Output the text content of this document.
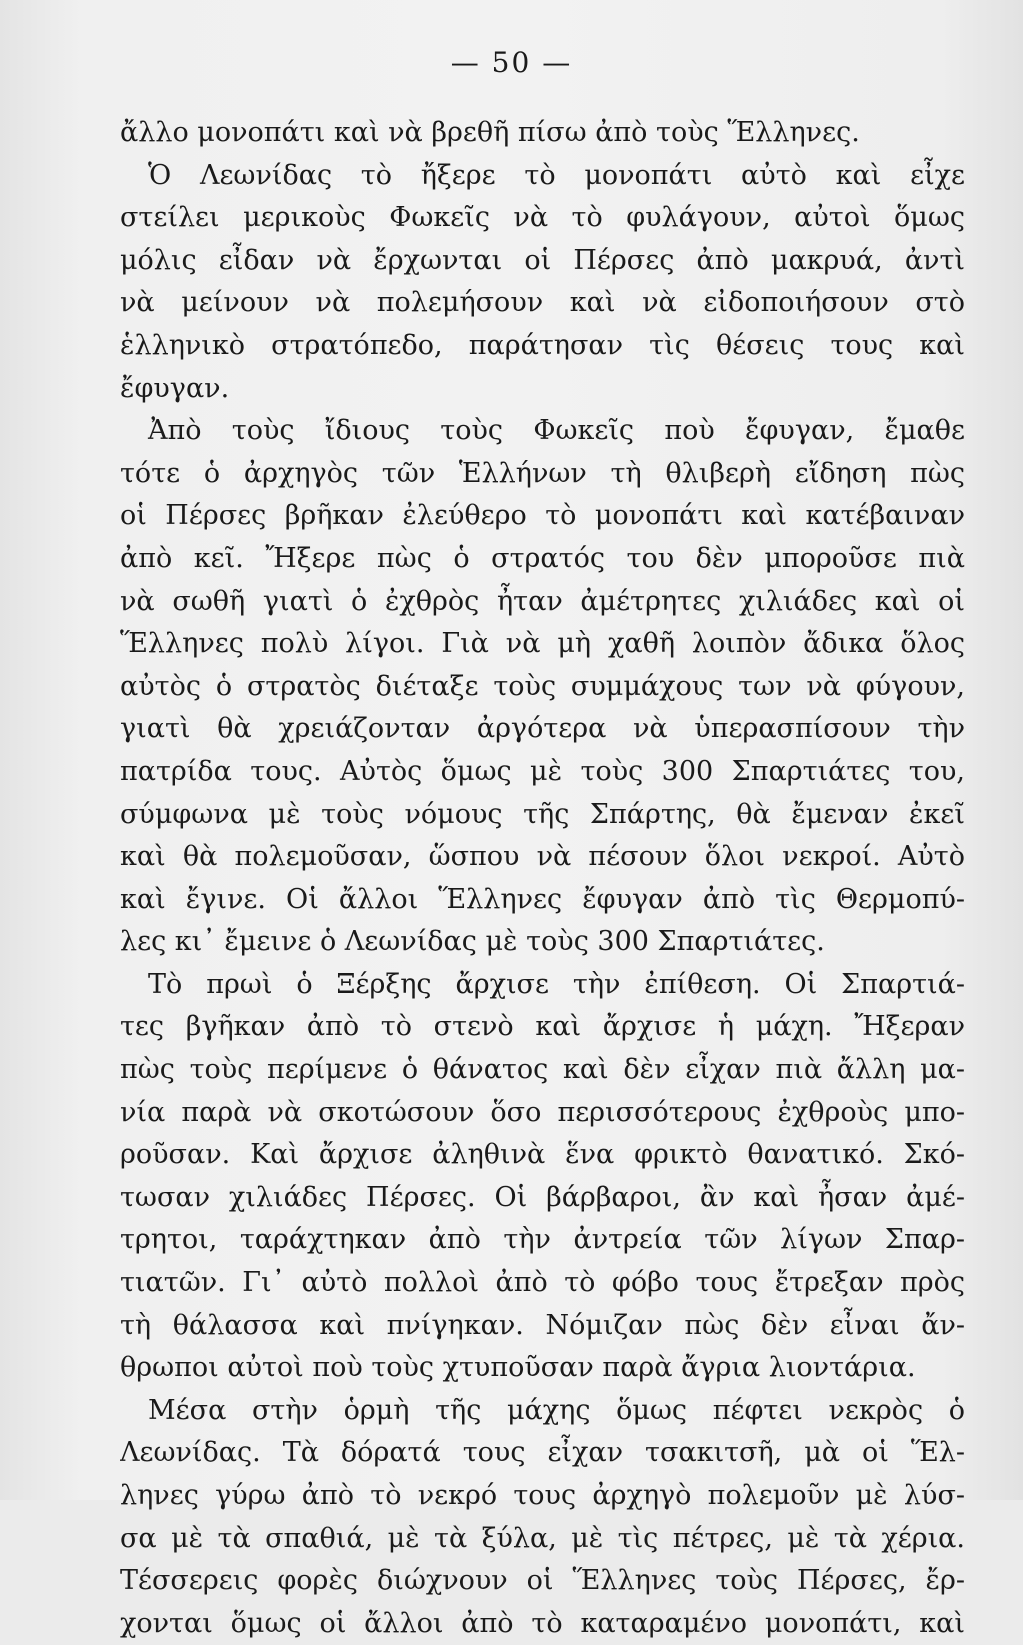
— 50 —
ἄλλο μονοπάτι καὶ νὰ βρεθῆ πίσω ἀπὸ τοὺς Ἕλληνες.
Ὁ Λεωνίδας τὸ ἤξερε τὸ μονοπάτι αὐτὸ καὶ εἶχε
στείλει μερικοὺς Φωκεῖς νὰ τὸ φυλάγουν, αὐτοὶ ὅμως
μόλις εἶδαν νὰ ἔρχωνται οἱ Πέρσες ἀπὸ μακρυά, ἀντὶ
νὰ μείνουν νὰ πολεμήσουν καὶ νὰ εἰδοποιήσουν στὸ
ἑλληνικὸ στρατόπεδο, παράτησαν τὶς θέσεις τους καὶ
ἔφυγαν.
Ἀπὸ τοὺς ἴδιους τοὺς Φωκεῖς ποὺ ἔφυγαν, ἔμαθε
τότε ὁ ἀρχηγὸς τῶν Ἑλλήνων τὴ θλιβερὴ εἴδηση πὼς
οἱ Πέρσες βρῆκαν ἐλεύθερο τὸ μονοπάτι καὶ κατέβαιναν
ἀπὸ κεῖ. Ἤξερε πὼς ὁ στρατός του δὲν μποροῦσε πιὰ
νὰ σωθῆ γιατὶ ὁ ἐχθρὸς ἦταν ἀμέτρητες χιλιάδες καὶ οἱ
Ἕλληνες πολὺ λίγοι. Γιὰ νὰ μὴ χαθῆ λοιπὸν ἄδικα ὅλος
αὐτὸς ὁ στρατὸς διέταξε τοὺς συμμάχους των νὰ φύγουν,
γιατὶ θὰ χρειάζονταν ἀργότερα νὰ ὑπερασπίσουν τὴν
πατρίδα τους. Αὐτὸς ὅμως μὲ τοὺς 300 Σπαρτιάτες του,
σύμφωνα μὲ τοὺς νόμους τῆς Σπάρτης, θὰ ἔμεναν ἐκεῖ
καὶ θὰ πολεμοῦσαν, ὥσπου νὰ πέσουν ὅλοι νεκροί. Αὐτὸ
καὶ ἔγινε. Οἱ ἄλλοι Ἕλληνες ἔφυγαν ἀπὸ τὶς Θερμοπύ-
λες κι᾽ ἔμεινε ὁ Λεωνίδας μὲ τοὺς 300 Σπαρτιάτες.
Τὸ πρωὶ ὁ Ξέρξης ἄρχισε τὴν ἐπίθεση. Οἱ Σπαρτιά-
τες βγῆκαν ἀπὸ τὸ στενὸ καὶ ἄρχισε ἡ μάχη. Ἤξεραν
πὼς τοὺς περίμενε ὁ θάνατος καὶ δὲν εἶχαν πιὰ ἄλλη μα-
νία παρὰ νὰ σκοτώσουν ὅσο περισσότερους ἐχθροὺς μπο-
ροῦσαν. Καὶ ἄρχισε ἀληθινὰ ἕνα φρικτὸ θανατικό. Σκό-
τωσαν χιλιάδες Πέρσες. Οἱ βάρβαροι, ἂν καὶ ἦσαν ἀμέ-
τρητοι, ταράχτηκαν ἀπὸ τὴν ἀντρεία τῶν λίγων Σπαρ-
τιατῶν. Γι᾽ αὐτὸ πολλοὶ ἀπὸ τὸ φόβο τους ἔτρεξαν πρὸς
τὴ θάλασσα καὶ πνίγηκαν. Νόμιζαν πὼς δὲν εἶναι ἄν-
θρωποι αὐτοὶ ποὺ τοὺς χτυποῦσαν παρὰ ἄγρια λιοντάρια.
Μέσα στὴν ὁρμὴ τῆς μάχης ὅμως πέφτει νεκρὸς ὁ
Λεωνίδας. Τὰ δόρατά τους εἶχαν τσακιτσῆ, μὰ οἱ Ἕλ-
ληνες γύρω ἀπὸ τὸ νεκρό τους ἀρχηγὸ πολεμοῦν μὲ λύσ-
σα μὲ τὰ σπαθιά, μὲ τὰ ξύλα, μὲ τὶς πέτρες, μὲ τὰ χέρια.
Τέσσερεις φορὲς διώχνουν οἱ Ἕλληνες τοὺς Πέρσες, ἔρ-
χονται ὅμως οἱ ἄλλοι ἀπὸ τὸ καταραμένο μονοπάτι, καὶ
